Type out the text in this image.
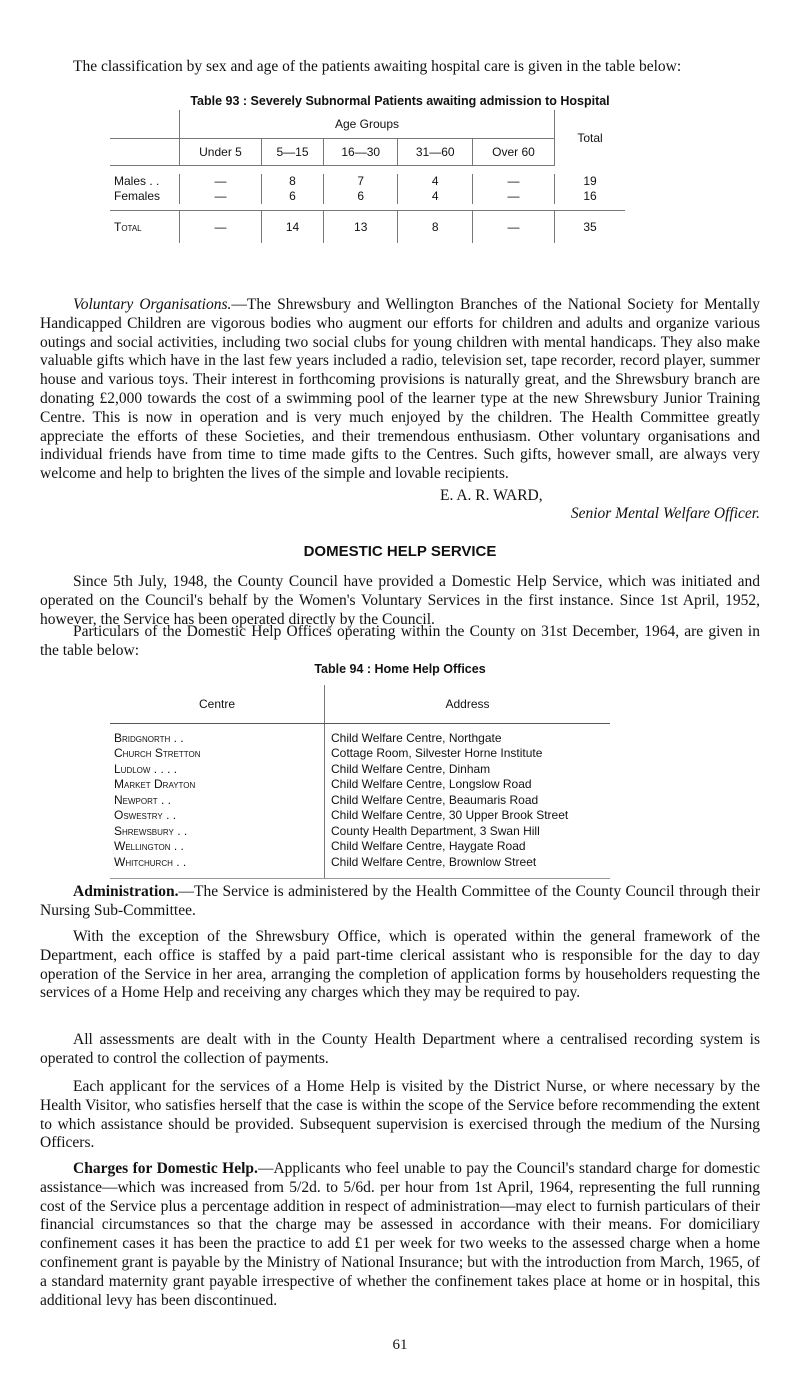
The classification by sex and age of the patients awaiting hospital care is given in the table below:

Table 93 : Severely Subnormal Patients awaiting admission to Hospital
	Age Groups					Total
	Under 5	5—15	16—30	31—60	Over 60	

Males . .	—	8	7	4	—	19
Females	—	6	6	4	—	16

Total	—	14	13	8	—	35

Voluntary Organisations.—The Shrewsbury and Wellington Branches of the National Society for Mentally Handicapped Children are vigorous bodies who augment our efforts for children and adults and organize various outings and social activities, including two social clubs for young children with mental handicaps. They also make valuable gifts which have in the last few years included a radio, television set, tape recorder, record player, summer house and various toys. Their interest in forthcoming provisions is naturally great, and the Shrewsbury branch are donating £2,000 towards the cost of a swimming pool of the learner type at the new Shrewsbury Junior Training Centre. This is now in operation and is very much enjoyed by the children. The Health Committee greatly appreciate the efforts of these Societies, and their tremendous enthusiasm. Other voluntary organisations and individual friends have from time to time made gifts to the Centres. Such gifts, however small, are always very welcome and help to brighten the lives of the simple and lovable recipients.

E. A. R. WARD,

Senior Mental Welfare Officer.

DOMESTIC HELP SERVICE

Since 5th July, 1948, the County Council have provided a Domestic Help Service, which was initiated and operated on the Council's behalf by the Women's Voluntary Services in the first instance. Since 1st April, 1952, however, the Service has been operated directly by the Council.

Particulars of the Domestic Help Offices operating within the County on 31st December, 1964, are given in the table below:

Table 94 : Home Help Offices
Centre	Address

Bridgnorth . .	Child Welfare Centre, Northgate
Church Stretton	Cottage Room, Silvester Horne Institute
Ludlow . . . .	Child Welfare Centre, Dinham
Market Drayton	Child Welfare Centre, Longslow Road
Newport . .	Child Welfare Centre, Beaumaris Road
Oswestry . .	Child Welfare Centre, 30 Upper Brook Street
Shrewsbury . .	County Health Department, 3 Swan Hill
Wellington . .	Child Welfare Centre, Haygate Road
Whitchurch . .	Child Welfare Centre, Brownlow Street

Administration.—The Service is administered by the Health Committee of the County Council through their Nursing Sub-Committee.

With the exception of the Shrewsbury Office, which is operated within the general framework of the Department, each office is staffed by a paid part-time clerical assistant who is responsible for the day to day operation of the Service in her area, arranging the completion of application forms by householders requesting the services of a Home Help and receiving any charges which they may be required to pay.

All assessments are dealt with in the County Health Department where a centralised recording system is operated to control the collection of payments.

Each applicant for the services of a Home Help is visited by the District Nurse, or where necessary by the Health Visitor, who satisfies herself that the case is within the scope of the Service before recommending the extent to which assistance should be provided. Subsequent supervision is exercised through the medium of the Nursing Officers.

Charges for Domestic Help.—Applicants who feel unable to pay the Council's standard charge for domestic assistance—which was increased from 5/2d. to 5/6d. per hour from 1st April, 1964, representing the full running cost of the Service plus a percentage addition in respect of administration—may elect to furnish particulars of their financial circumstances so that the charge may be assessed in accordance with their means. For domiciliary confinement cases it has been the practice to add £1 per week for two weeks to the assessed charge when a home confinement grant is payable by the Ministry of National Insurance; but with the introduction from March, 1965, of a standard maternity grant payable irrespective of whether the confinement takes place at home or in hospital, this additional levy has been discontinued.

61
